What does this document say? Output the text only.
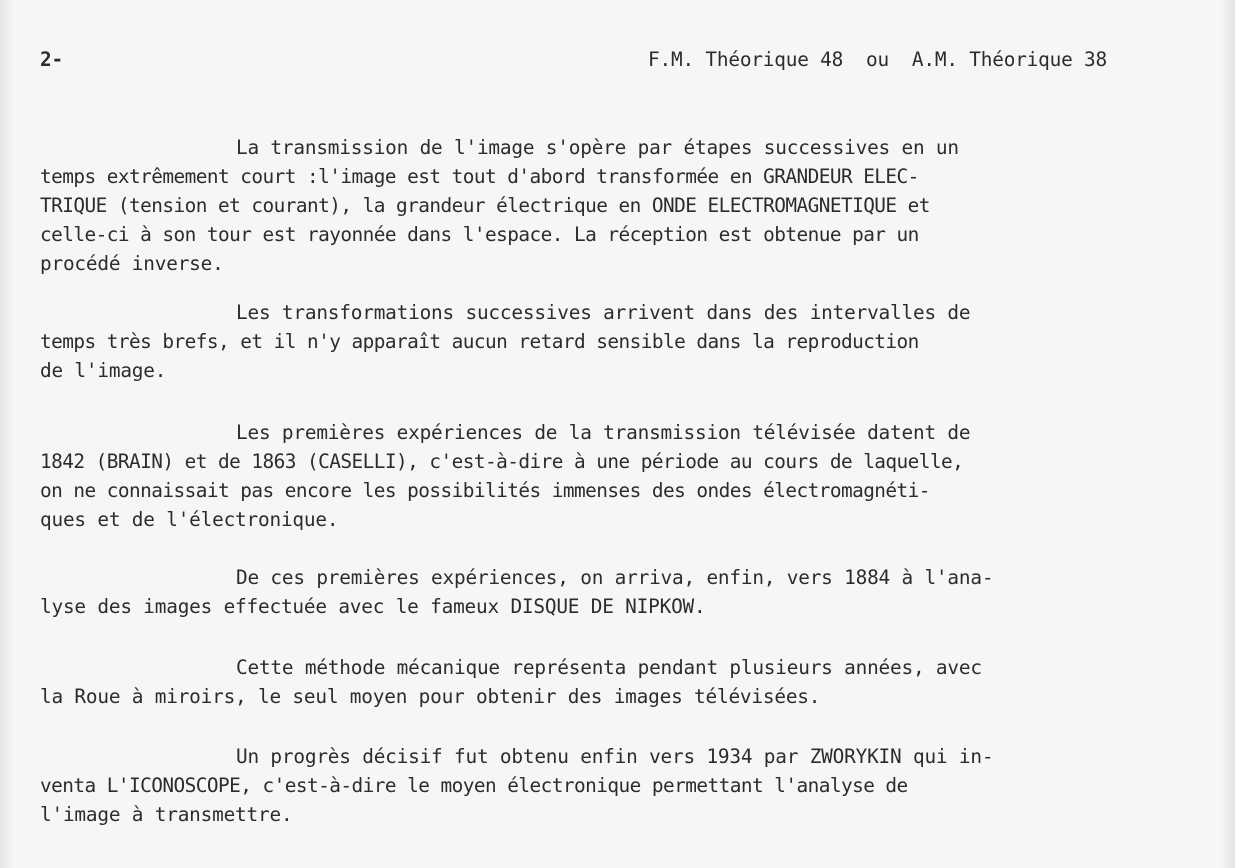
2-	F.M. Théorique 48  ou  A.M. Théorique 38
La transmission de l'image s'opère par étapes successives en un
temps extrêmement court :l'image est tout d'abord transformée en GRANDEUR ELEC-
TRIQUE (tension et courant), la grandeur électrique en ONDE ELECTROMAGNETIQUE et
celle-ci à son tour est rayonnée dans l'espace. La réception est obtenue par un
procédé inverse.
Les transformations successives arrivent dans des intervalles de
temps très brefs, et il n'y apparaît aucun retard sensible dans la reproduction
de l'image.
Les premières expériences de la transmission télévisée datent de
1842 (BRAIN) et de 1863 (CASELLI), c'est-à-dire à une période au cours de laquelle,
on ne connaissait pas encore les possibilités immenses des ondes électromagnéti-
ques et de l'électronique.
De ces premières expériences, on arriva, enfin, vers 1884 à l'ana-
lyse des images effectuée avec le fameux DISQUE DE NIPKOW.
Cette méthode mécanique représenta pendant plusieurs années, avec
la Roue à miroirs, le seul moyen pour obtenir des images télévisées.
Un progrès décisif fut obtenu enfin vers 1934 par ZWORYKIN qui in-
venta L'ICONOSCOPE, c'est-à-dire le moyen électronique permettant l'analyse de
l'image à transmettre.
